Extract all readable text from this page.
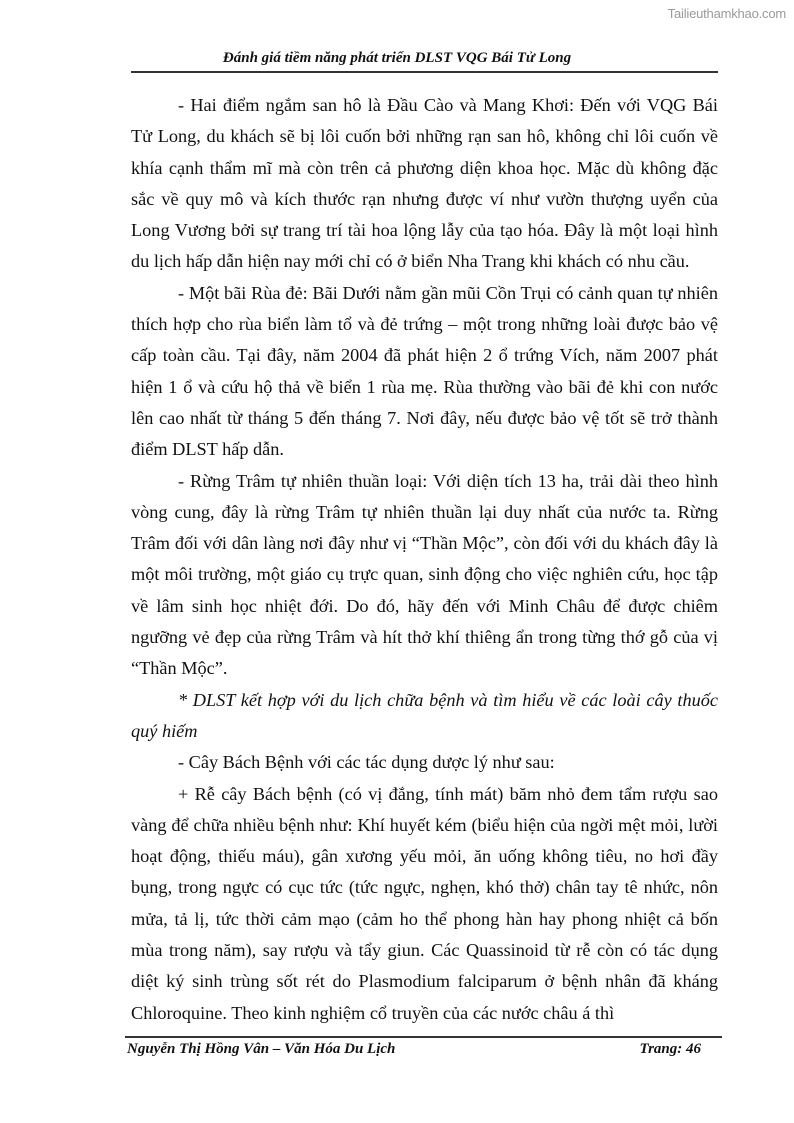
Tailieuthamkhao.com
Đánh giá tiềm năng phát triển DLST VQG Bái Tử Long

- Hai điểm ngắm san hô là Đầu Cào và Mang Khơi: Đến với VQG Bái Tử Long, du khách sẽ bị lôi cuốn bởi những rạn san hô, không chỉ lôi cuốn về khía cạnh thẩm mĩ mà còn trên cả phương diện khoa học. Mặc dù không đặc sắc về quy mô và kích thước rạn nhưng được ví như vườn thượng uyển của Long Vương bởi sự trang trí tài hoa lộng lẫy của tạo hóa. Đây là một loại hình du lịch hấp dẫn hiện nay mới chỉ có ở biển Nha Trang khi khách có nhu cầu.

- Một bãi Rùa đẻ: Bãi Dưới nằm gần mũi Cồn Trụi có cảnh quan tự nhiên thích hợp cho rùa biển làm tổ và đẻ trứng – một trong những loài được bảo vệ cấp toàn cầu. Tại đây, năm 2004 đã phát hiện 2 ổ trứng Vích, năm 2007 phát hiện 1 ổ và cứu hộ thả về biển 1 rùa mẹ. Rùa thường vào bãi đẻ khi con nước lên cao nhất từ tháng 5 đến tháng 7. Nơi đây, nếu được bảo vệ tốt sẽ trở thành điểm DLST hấp dẫn.

- Rừng Trâm tự nhiên thuần loại: Với diện tích 13 ha, trải dài theo hình vòng cung, đây là rừng Trâm tự nhiên thuần lại duy nhất của nước ta. Rừng Trâm đối với dân làng nơi đây như vị “Thần Mộc”, còn đối với du khách đây là một môi trường, một giáo cụ trực quan, sinh động cho việc nghiên cứu, học tập về lâm sinh học nhiệt đới. Do đó, hãy đến với Minh Châu để được chiêm ngưỡng vẻ đẹp của rừng Trâm và hít thở khí thiêng ẩn trong từng thớ gỗ của vị “Thần Mộc”.

* DLST kết hợp với du lịch chữa bệnh và tìm hiểu về các loài cây thuốc quý hiếm

- Cây Bách Bệnh với các tác dụng dược lý như sau:

+ Rễ cây Bách bệnh (có vị đắng, tính mát) băm nhỏ đem tẩm rượu sao vàng để chữa nhiều bệnh như: Khí huyết kém (biểu hiện của ngời mệt mỏi, lười hoạt động, thiếu máu), gân xương yếu mỏi, ăn uống không tiêu, no hơi đầy bụng, trong ngực có cục tức (tức ngực, nghẹn, khó thở) chân tay tê nhức, nôn mửa, tả lị, tức thời cảm mạo (cảm ho thể phong hàn hay phong nhiệt cả bốn mùa trong năm), say rượu và tẩy giun. Các Quassinoid từ rễ còn có tác dụng diệt ký sinh trùng sốt rét do Plasmodium falciparum ở bệnh nhân đã kháng Chloroquine. Theo kinh nghiệm cổ truyền của các nước châu á thì

Nguyễn Thị Hồng Vân – Văn Hóa Du Lịch	Trang: 46
